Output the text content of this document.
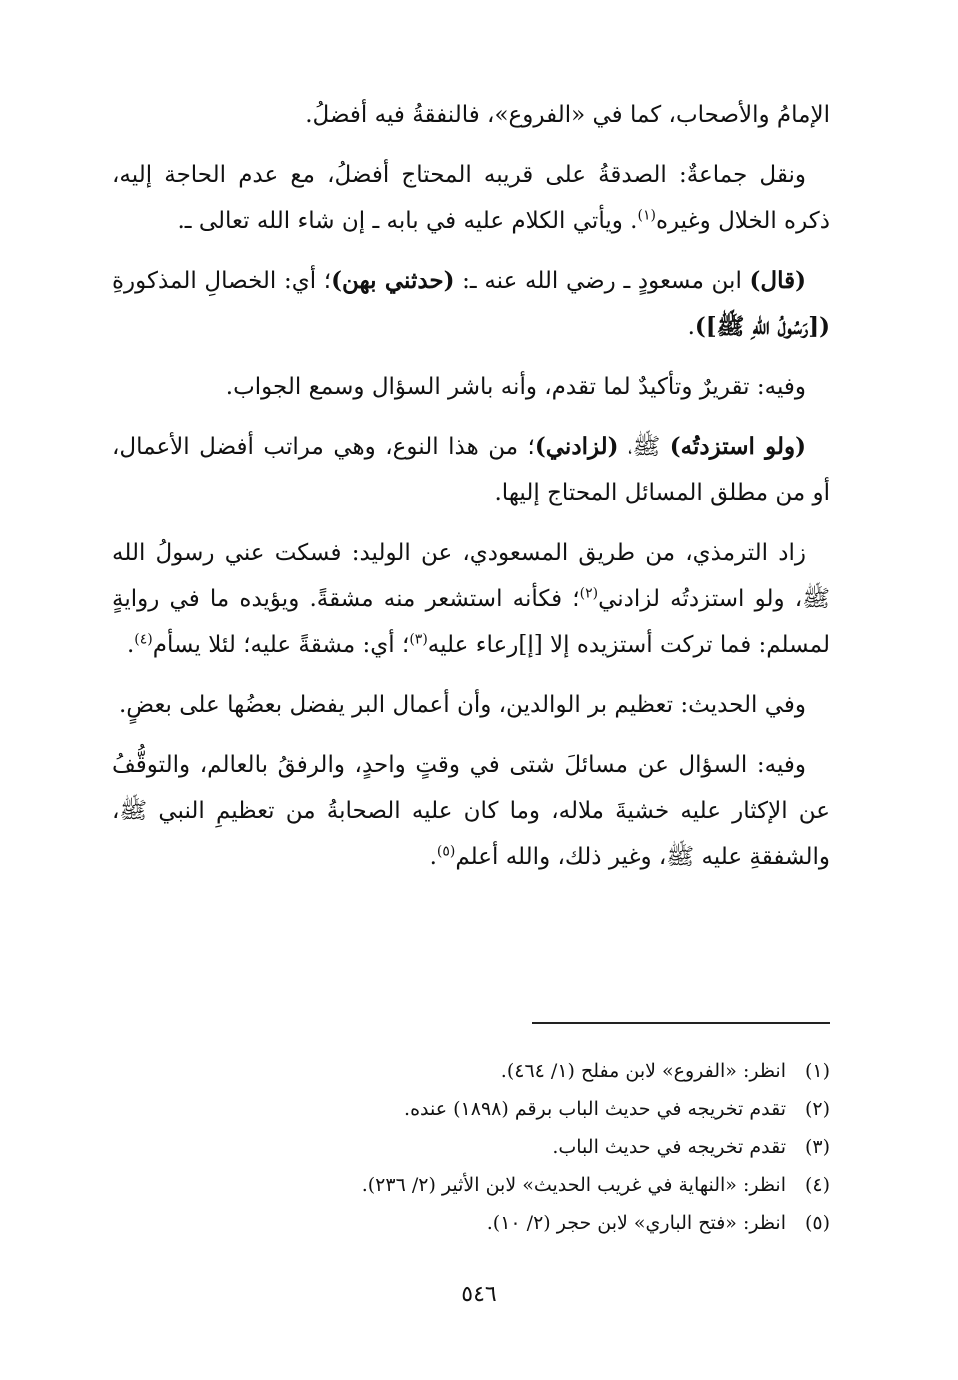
الإمامُ والأصحاب، كما في «الفروع»، فالنفقةُ فيه أفضلُ.

ونقل جماعةٌ: الصدقةُ على قريبه المحتاج أفضلُ، مع عدم الحاجة إليه، ذكره الخلال وغيره$^{(١)}$. ويأتي الكلام عليه في بابه ـ إن شاء الله تعالى ـ.

(قال) ابن مسعودٍ ـ رضي الله عنه ـ: (حدثني بهن)؛ أي: الخصالِ المذكورةِ ([رَسُولُ اللهِ ﷺ]).

وفيه: تقريرٌ وتأكيدٌ لما تقدم، وأنه باشر السؤال وسمع الجواب.

(ولو استزدتُه) ﷺ، (لزادني)؛ من هذا النوع، وهي مراتب أفضل الأعمال، أو من مطلق المسائل المحتاج إليها.

زاد الترمذي، من طريق المسعودي، عن الوليد: فسكت عني رسولُ الله ﷺ، ولو استزدتُه لزادني$^{(٢)}$؛ فكأنه استشعر منه مشقةً. ويؤيده ما في روايةٍ لمسلم: فما تركت أستزيده إلا [إ]رعاء عليه$^{(٣)}$؛ أي: مشقةً عليه؛ لئلا يسأم$^{(٤)}$.

وفي الحديث: تعظيم بر الوالدين، وأن أعمال البر يفضل بعضُها على بعضٍ.

وفيه: السؤال عن مسائلَ شتى في وقتٍ واحدٍ، والرفقُ بالعالم، والتوقُّفُ عن الإكثار عليه خشيةَ ملاله، وما كان عليه الصحابةُ من تعظيمِ النبي ﷺ، والشفقةِ عليه ﷺ، وغير ذلك، والله أعلم$^{(٥)}$.

(١)
انظر: «الفروع» لابن مفلح (١/ ٤٦٤).
(٢)
تقدم تخريجه في حديث الباب برقم (١٨٩٨) عنده.
(٣)
تقدم تخريجه في حديث الباب.
(٤)
انظر: «النهاية في غريب الحديث» لابن الأثير (٢/ ٢٣٦).
(٥)
انظر: «فتح الباري» لابن حجر (٢/ ١٠).
٥٤٦
